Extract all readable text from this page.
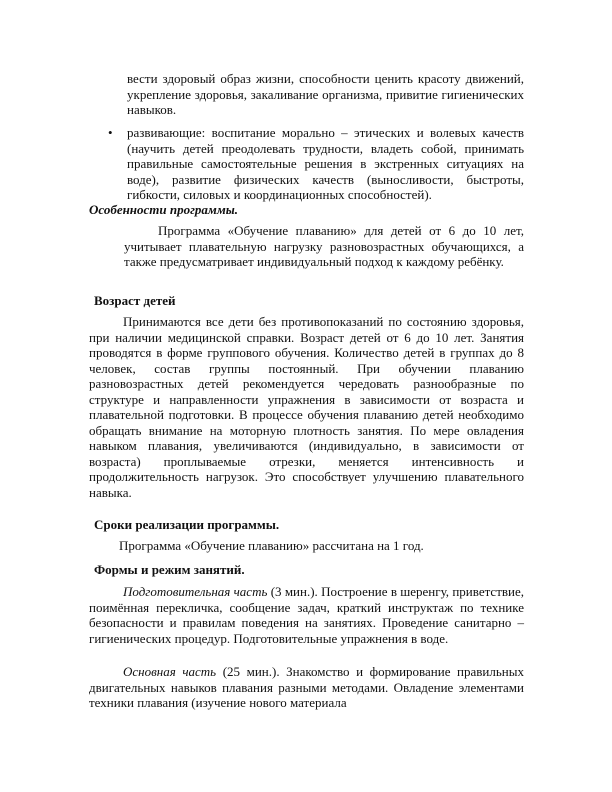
вести здоровый образ жизни, способности ценить красоту движений, укрепление здоровья, закаливание организма, привитие гигиенических навыков.

• развивающие: воспитание морально – этических и волевых качеств (научить детей преодолевать трудности, владеть собой, принимать правильные самостоятельные решения в экстренных ситуациях на воде), развитие физических качеств (выносливости, быстроты, гибкости, силовых и координационных способностей).

Особенности программы.

Программа «Обучение плаванию» для детей от 6 до 10 лет, учитывает плавательную нагрузку разновозрастных обучающихся, а также предусматривает индивидуальный подход к каждому ребёнку.

Возраст детей

Принимаются все дети без противопоказаний по состоянию здоровья, при наличии медицинской справки. Возраст детей от 6 до 10 лет. Занятия проводятся в форме группового обучения. Количество детей в группах до 8 человек, состав группы постоянный. При обучении плаванию разновозрастных детей рекомендуется чередовать разнообразные по структуре и направленности упражнения в зависимости от возраста и плавательной подготовки. В процессе обучения плаванию детей необходимо обращать внимание на моторную плотность занятия. По мере овладения навыком плавания, увеличиваются (индивидуально, в зависимости от возраста) проплываемые отрезки, меняется интенсивность и продолжительность нагрузок. Это способствует улучшению плавательного навыка.

Сроки реализации программы.

Программа «Обучение плаванию» рассчитана на 1 год.

Формы и режим занятий.

Подготовительная часть (3 мин.). Построение в шеренгу, приветствие, поимённая перекличка, сообщение задач, краткий инструктаж по технике безопасности и правилам поведения на занятиях. Проведение санитарно – гигиенических процедур. Подготовительные упражнения в воде.

Основная часть (25 мин.). Знакомство и формирование правильных двигательных навыков плавания разными методами. Овладение элементами техники плавания (изучение нового материала
